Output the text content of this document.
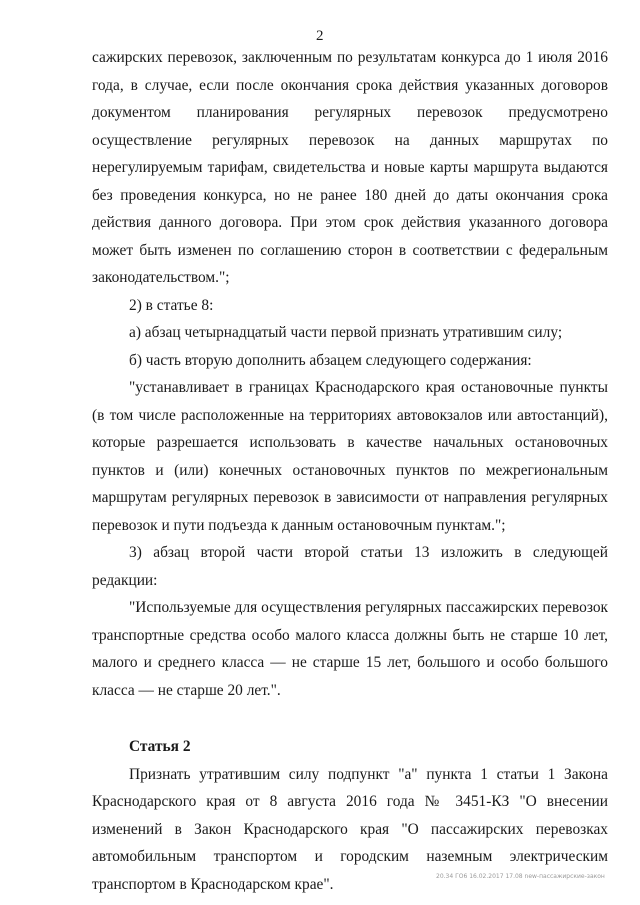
2

сажирских перевозок, заключенным по результатам конкурса до 1 июля 2016 года, в случае, если после окончания срока действия указанных договоров документом планирования регулярных перевозок предусмотрено осуществление регулярных перевозок на данных маршрутах по нерегулируемым тарифам, свидетельства и новые карты маршрута выдаются без проведения конкурса, но не ранее 180 дней до даты окончания срока действия данного договора. При этом срок действия указанного договора может быть изменен по соглашению сторон в соответствии с федеральным законодательством.";

2) в статье 8:

а) абзац четырнадцатый части первой признать утратившим силу;

б) часть вторую дополнить абзацем следующего содержания:

"устанавливает в границах Краснодарского края остановочные пункты (в том числе расположенные на территориях автовокзалов или автостанций), которые разрешается использовать в качестве начальных остановочных пунктов и (или) конечных остановочных пунктов по межрегиональным маршрутам регулярных перевозок в зависимости от направления регулярных перевозок и пути подъезда к данным остановочным пунктам.";

3) абзац второй части второй статьи 13 изложить в следующей редакции:

"Используемые для осуществления регулярных пассажирских перевозок транспортные средства особо малого класса должны быть не старше 10 лет, малого и среднего класса — не старше 15 лет, большого и особо большого класса — не старше 20 лет.".

Статья 2

Признать утратившим силу подпункт "а" пункта 1 статьи 1 Закона Краснодарского края от 8 августа 2016 года № 3451-КЗ "О внесении изменений в Закон Краснодарского края "О пассажирских перевозках автомобильным транспортом и городским наземным электрическим транспортом в Краснодарском крае".	20.34 ГО6 16.02.2017 17.08 new-пассажирские-закон
